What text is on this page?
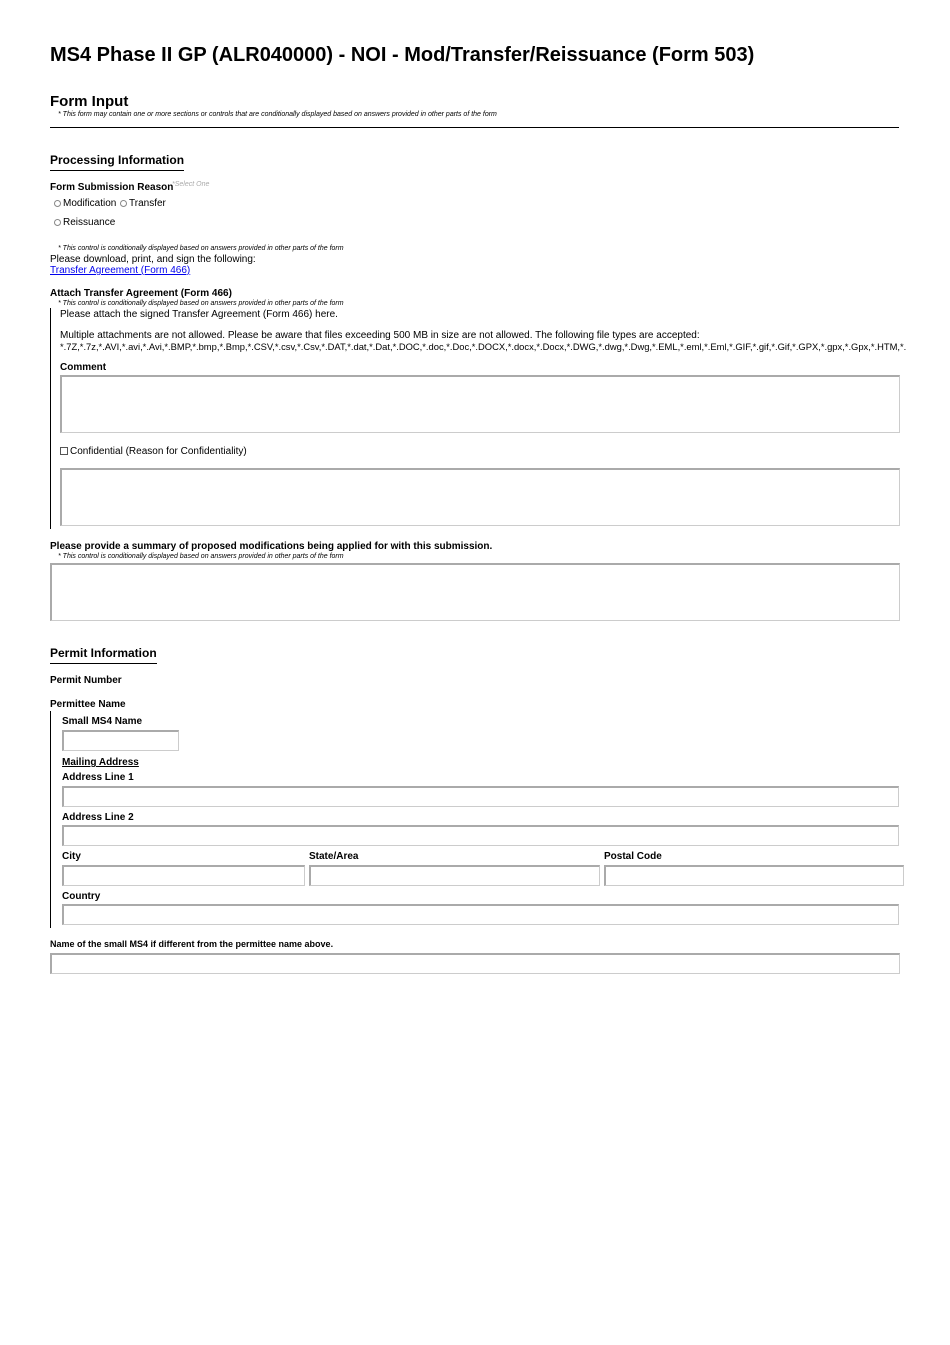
MS4 Phase II GP (ALR040000) - NOI - Mod/Transfer/Reissuance (Form 503)
Form Input
* This form may contain one or more sections or controls that are conditionally displayed based on answers provided in other parts of the form
Processing Information
Form Submission Reason
*Select One
Modification	Transfer
Reissuance
* This control is conditionally displayed based on answers provided in other parts of the form
Please download, print, and sign the following:
Transfer Agreement (Form 466)
Attach Transfer Agreement (Form 466)
* This control is conditionally displayed based on answers provided in other parts of the form
Please attach the signed Transfer Agreement (Form 466) here.
Multiple attachments are not allowed. Please be aware that files exceeding 500 MB in size are not allowed. The following file types are accepted:
*.7Z,*.7z,*.AVI,*.avi,*.Avi,*.BMP,*.bmp,*.Bmp,*.CSV,*.csv,*.Csv,*.DAT,*.dat,*.Dat,*.DOC,*.doc,*.Doc,*.DOCX,*.docx,*.Docx,*.DWG,*.dwg,*.Dwg,*.EML,*.eml,*.Eml,*.GIF,*.gif,*.Gif,*.GPX,*.gpx,*.Gpx,*.HTM,*.
Comment
Confidential (Reason for Confidentiality)
Please provide a summary of proposed modifications being applied for with this submission.
* This control is conditionally displayed based on answers provided in other parts of the form
Permit Information
Permit Number
Permittee Name
Small MS4 Name
Mailing Address
Address Line 1
Address Line 2
City	State/Area	Postal Code
Country
Name of the small MS4 if different from the permittee name above.
